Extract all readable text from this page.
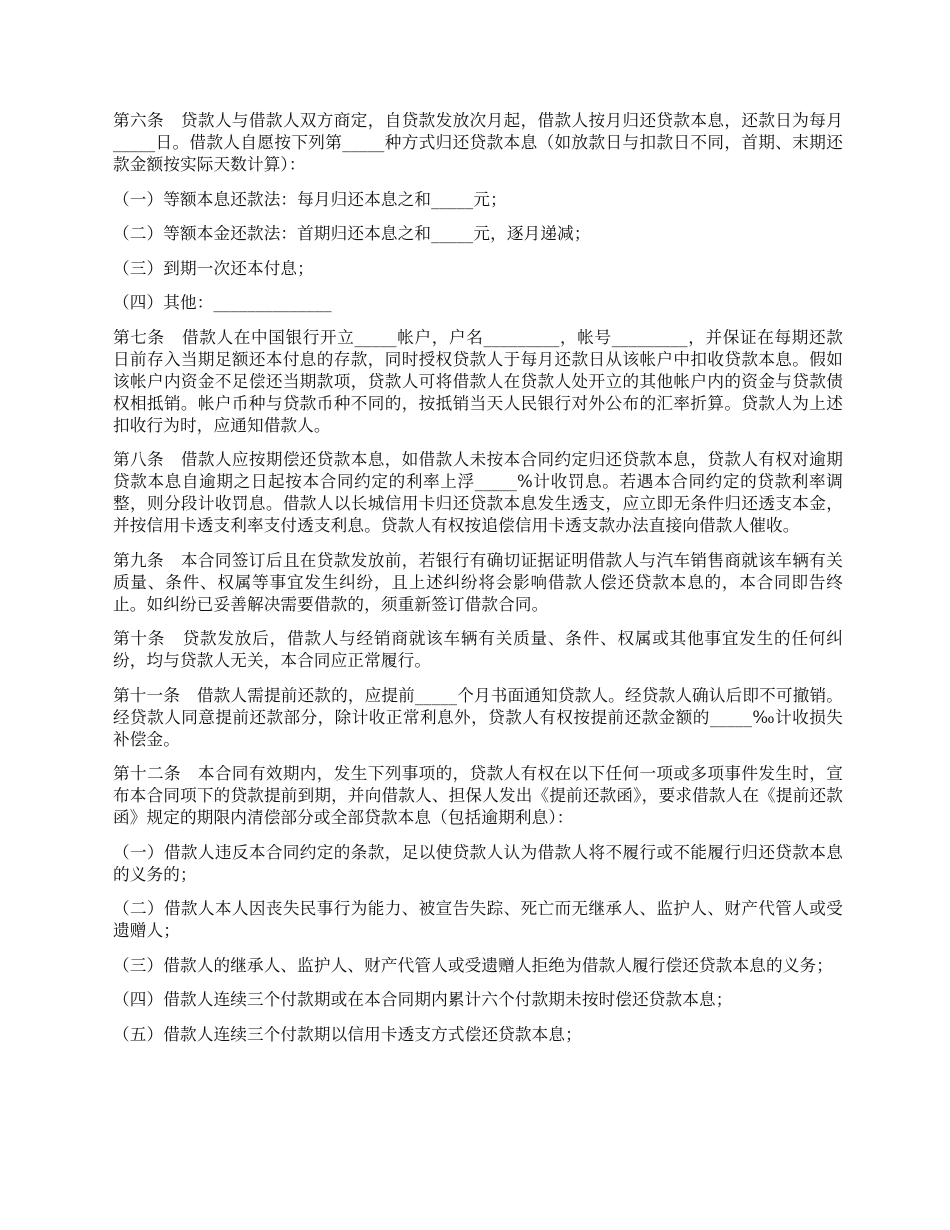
第六条　贷款人与借款人双方商定，自贷款发放次月起，借款人按月归还贷款本息，还款日为每月_____日。借款人自愿按下列第_____种方式归还贷款本息（如放款日与扣款日不同，首期、末期还款金额按实际天数计算）：

（一）等额本息还款法：每月归还本息之和_____元；

（二）等额本金还款法：首期归还本息之和_____元，逐月递减；

（三）到期一次还本付息；

（四）其他：______________

第七条　借款人在中国银行开立_____帐户，户名_________，帐号_________，并保证在每期还款日前存入当期足额还本付息的存款，同时授权贷款人于每月还款日从该帐户中扣收贷款本息。假如该帐户内资金不足偿还当期款项，贷款人可将借款人在贷款人处开立的其他帐户内的资金与贷款债权相抵销。帐户币种与贷款币种不同的，按抵销当天人民银行对外公布的汇率折算。贷款人为上述扣收行为时，应通知借款人。

第八条　借款人应按期偿还贷款本息，如借款人未按本合同约定归还贷款本息，贷款人有权对逾期贷款本息自逾期之日起按本合同约定的利率上浮_____%计收罚息。若遇本合同约定的贷款利率调整，则分段计收罚息。借款人以长城信用卡归还贷款本息发生透支，应立即无条件归还透支本金，并按信用卡透支利率支付透支利息。贷款人有权按追偿信用卡透支款办法直接向借款人催收。

第九条　本合同签订后且在贷款发放前，若银行有确切证据证明借款人与汽车销售商就该车辆有关质量、条件、权属等事宜发生纠纷，且上述纠纷将会影响借款人偿还贷款本息的，本合同即告终止。如纠纷已妥善解决需要借款的，须重新签订借款合同。

第十条　贷款发放后，借款人与经销商就该车辆有关质量、条件、权属或其他事宜发生的任何纠纷，均与贷款人无关，本合同应正常履行。

第十一条　借款人需提前还款的，应提前_____个月书面通知贷款人。经贷款人确认后即不可撤销。经贷款人同意提前还款部分，除计收正常利息外，贷款人有权按提前还款金额的_____‰计收损失补偿金。

第十二条　本合同有效期内，发生下列事项的，贷款人有权在以下任何一项或多项事件发生时，宣布本合同项下的贷款提前到期，并向借款人、担保人发出《提前还款函》，要求借款人在《提前还款函》规定的期限内清偿部分或全部贷款本息（包括逾期利息）：

（一）借款人违反本合同约定的条款，足以使贷款人认为借款人将不履行或不能履行归还贷款本息的义务的；

（二）借款人本人因丧失民事行为能力、被宣告失踪、死亡而无继承人、监护人、财产代管人或受遗赠人；

（三）借款人的继承人、监护人、财产代管人或受遗赠人拒绝为借款人履行偿还贷款本息的义务；

（四）借款人连续三个付款期或在本合同期内累计六个付款期未按时偿还贷款本息；

（五）借款人连续三个付款期以信用卡透支方式偿还贷款本息；
